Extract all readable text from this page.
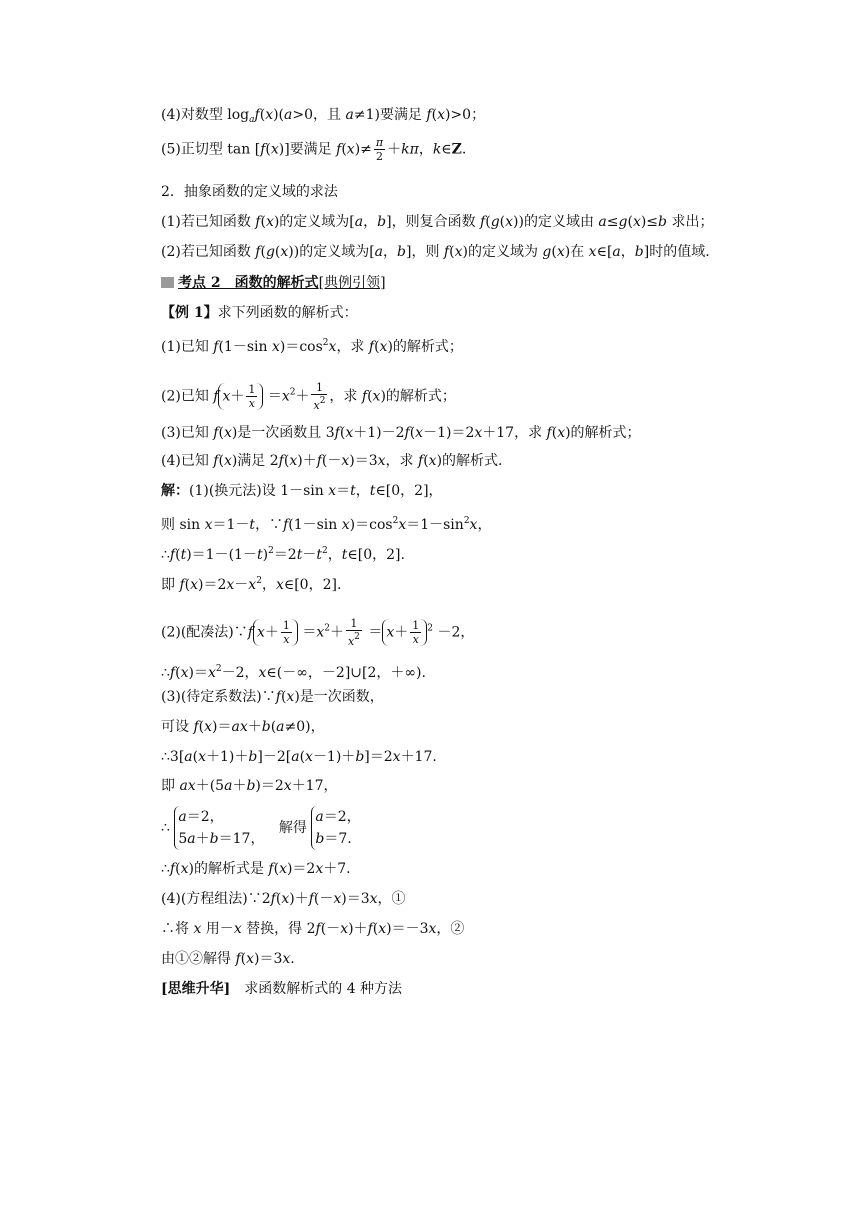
(4)对数型 $\log_af(x)(a>0$，且 a≠1)要满足 f(x)>0；
(5)正切型 tan [f(x)]要满足 $f(x)\ne \frac{\pi}{2} +k\pi$，k∈Z.
2．抽象函数的定义域的求法
(1)若已知函数 f(x)的定义域为[a，b]，则复合函数 f(g(x))的定义域由 a≤g(x)≤b 求出；
(2)若已知函数 f(g(x))的定义域为[a，b]，则 f(x)的定义域为 g(x)在 x∈[a，b]时的值域.
考点 2　函数的解析式[典例引领]
【例 1】求下列函数的解析式：
(1)已知 f(1－sin $x)=\cos^2x$，求 f(x)的解析式；
(2)已知 f $x+ \frac{1}{x} =x^2+ \frac{1}{x^2}$ ，求 f(x)的解析式；
(3)已知 f(x)是一次函数且 3f(x＋1)－2f(x－1)＝2x＋17，求 f(x)的解析式；
(4)已知 f(x)满足 2f(x)＋f(－x)＝3x，求 f(x)的解析式.
解：(1)(换元法)设 1－sin x＝t，t∈[0，2]，
则 sin x＝1－t，∵f(1－sin $x)=\cos^2x=1-\sin^2x$，
$\therefore f(t)=1-(1-t)^2=2t-t^2$，t∈[0，2].
即 $f(x)=2x-x^2$，x∈[0，2].
(2)(配凑法)∵f $x+ \frac{1}{x} =x^2+ \frac{1}{x^2} = x+ \frac{1}{x} ^2 -2$，
$\therefore f(x)=x^2-2$，x∈(－∞，－2]∪[2，＋∞).
(3)(待定系数法)∵f(x)是一次函数，
可设 f(x)＝ax＋b(a≠0)，
∴3[a(x＋1)＋b]－2[a(x－1)＋b]＝2x＋17.
即 ax＋(5a＋b)＝2x＋17，
∴ a＝2，
5a＋b＝17， 解得 a＝2，
b＝7.
∴f(x)的解析式是 f(x)＝2x＋7.
(4)(方程组法)∵2f(x)＋f(－x)＝3x，①
∴将 x 用－x 替换，得 2f(－x)＋f(x)＝－3x，②
由①②解得 f(x)＝3x.
[思维升华]　求函数解析式的 4 种方法
